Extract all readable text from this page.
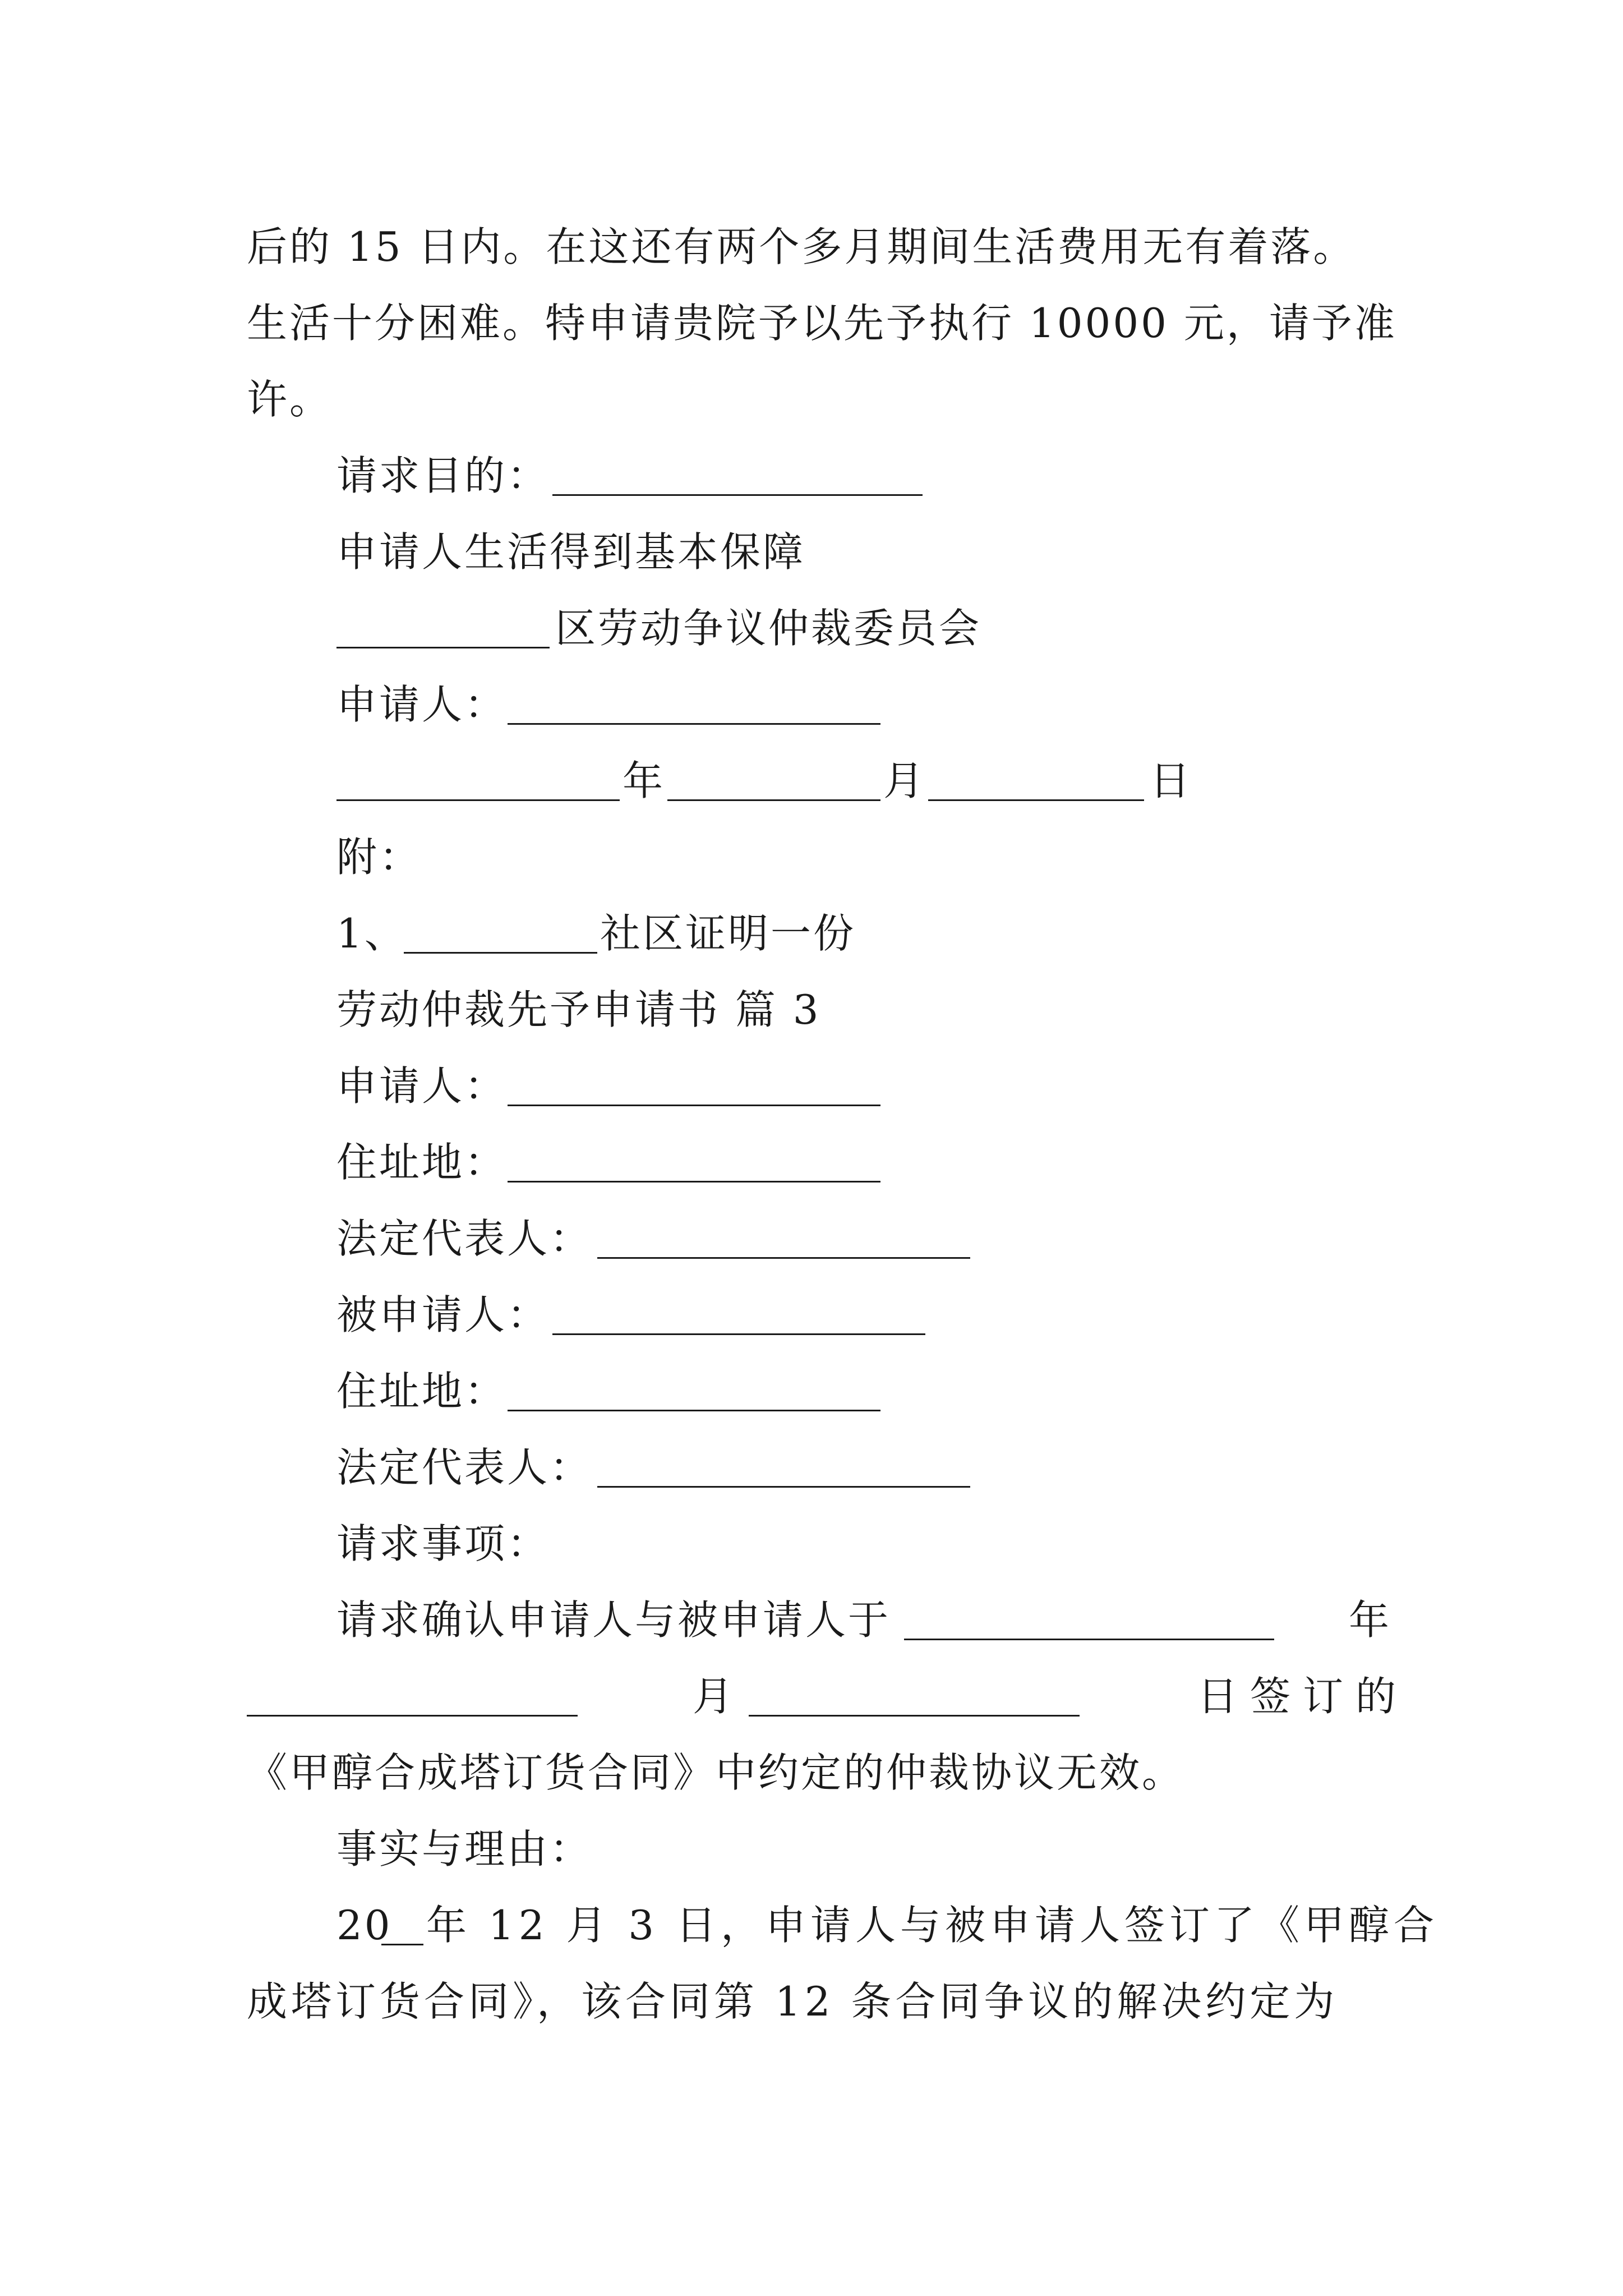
后的 15 日内。在这还有两个多月期间生活费用无有着落。
生活十分困难。特申请贵院予以先予执行 10000 元，请予准
许。
请求目的：
申请人生活得到基本保障
区劳动争议仲裁委员会
申请人：
年	月	日
附：
1、	社区证明一份
劳动仲裁先予申请书 篇 3
申请人：
住址地：
法定代表人：
被申请人：
住址地：
法定代表人：
请求事项：
请求确认申请人与被申请人于	年
月	日签订的
《甲醇合成塔订货合同》中约定的仲裁协议无效。
事实与理由：
20 年 12 月 3 日，申请人与被申请人签订了《甲醇合
成塔订货合同》，该合同第 12 条合同争议的解决约定为
